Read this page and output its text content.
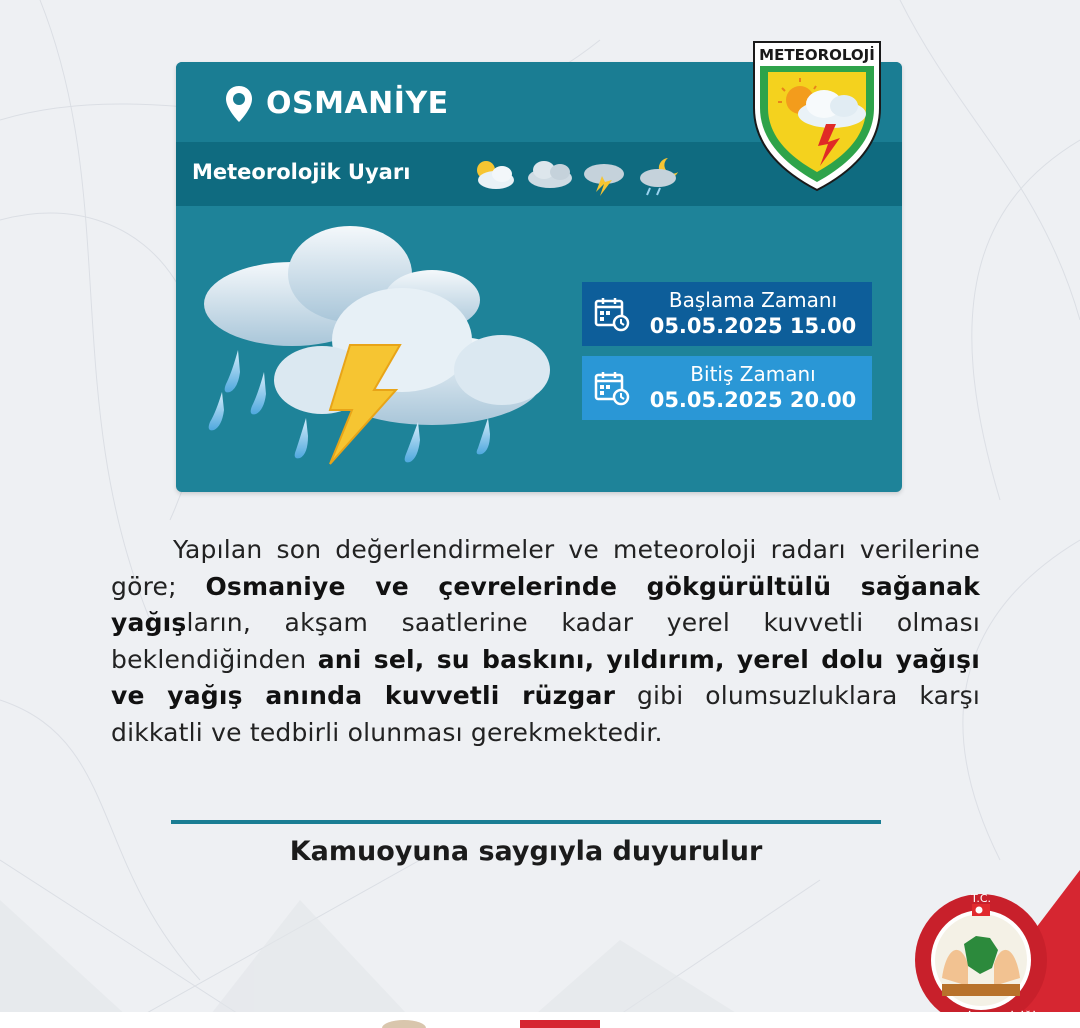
OSMANİYE
Meteorolojik Uyarı
Başlama Zamanı
05.05.2025 15.00
Bitiş Zamanı
05.05.2025 20.00
METEOROLOJİ
Yapılan son değerlendirmeler ve meteoroloji radarı verilerine göre; Osmaniye ve çevrelerinde gökgürültülü sağanak yağışların, akşam saatlerine kadar yerel kuvvetli olması beklendiğinden ani sel, su baskını, yıldırım, yerel dolu yağışı ve yağış anında kuvvetli rüzgar gibi olumsuzluklara karşı dikkatli ve tedbirli olunması gerekmektedir.
Kamuoyuna saygıyla duyurulur
T.C.
